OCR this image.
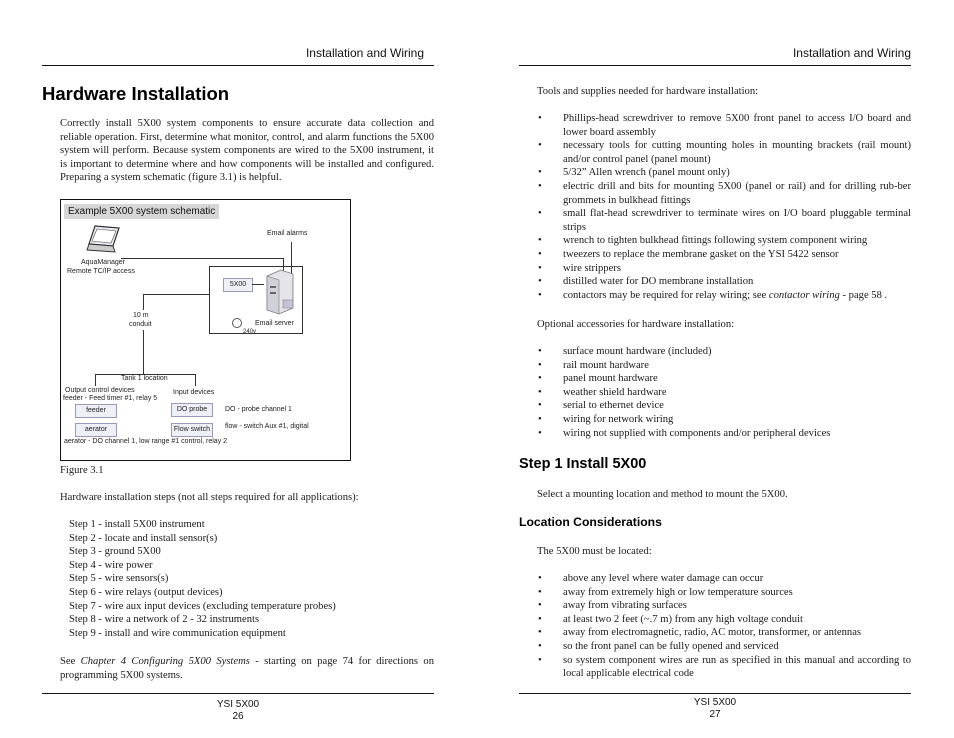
Installation and Wiring
Hardware Installation
Correctly install 5X00 system components to ensure accurate data collection and reliable operation. First, determine what monitor, control, and alarm functions the 5X00 system will perform. Because system components are wired to the 5X00 instrument, it is important to determine where and how components will be installed and configured. Preparing a system schematic (figure 3.1) is helpful.
Example 5X00 system schematic
AquaManager
Remote TC/IP access
Email alarms
5X00
Email server
240v
10 m
conduit
Tank 1 location
Output control devices
feeder - Feed timer #1, relay 5
Input devices
feeder
aerator
DO probe
Flow switch
DO - probe channel 1
flow - switch Aux #1, digital
aerator - DO channel 1, low range #1 control, relay 2
Figure 3.1
Hardware installation steps (not all steps required for all applications):
Step 1 - install 5X00 instrument
Step 2 - locate and install sensor(s)
Step 3 - ground 5X00
Step 4 - wire power
Step 5 - wire sensors(s)
Step 6 - wire relays (output devices)
Step 7 - wire aux input devices (excluding temperature probes)
Step 8 - wire a network of 2 - 32 instruments
Step 9 - install and wire communication equipment
See Chapter 4 Configuring 5X00 Systems - starting on page 74 for directions on programming 5X00 systems.
YSI 5X00
26
Installation and Wiring
Tools and supplies needed for hardware installation:
• Phillips-head screwdriver to remove 5X00 front panel to access I/O board and lower board assembly
• necessary tools for cutting mounting holes in mounting brackets (rail mount) and/or control panel (panel mount)
• 5/32” Allen wrench (panel mount only)
• electric drill and bits for mounting 5X00 (panel or rail) and for drilling rub-ber grommets in bulkhead fittings
• small flat-head screwdriver to terminate wires on I/O board pluggable terminal strips
• wrench to tighten bulkhead fittings following system component wiring
• tweezers to replace the membrane gasket on the YSI 5422 sensor
• wire strippers
• distilled water for DO membrane installation
• contactors may be required for relay wiring; see contactor wiring - page 58 .
Optional accessories for hardware installation:
• surface mount hardware (included)
• rail mount hardware
• panel mount hardware
• weather shield hardware
• serial to ethernet device
• wiring for network wiring
• wiring not supplied with components and/or peripheral devices
Step 1 Install 5X00
Select a mounting location and method to mount the 5X00.
Location Considerations
The 5X00 must be located:
• above any level where water damage can occur
• away from extremely high or low temperature sources
• away from vibrating surfaces
• at least two 2 feet (~.7 m) from any high voltage conduit
• away from electromagnetic, radio, AC motor, transformer, or antennas
• so the front panel can be fully opened and serviced
• so system component wires are run as specified in this manual and according to local applicable electrical code
YSI 5X00
27
